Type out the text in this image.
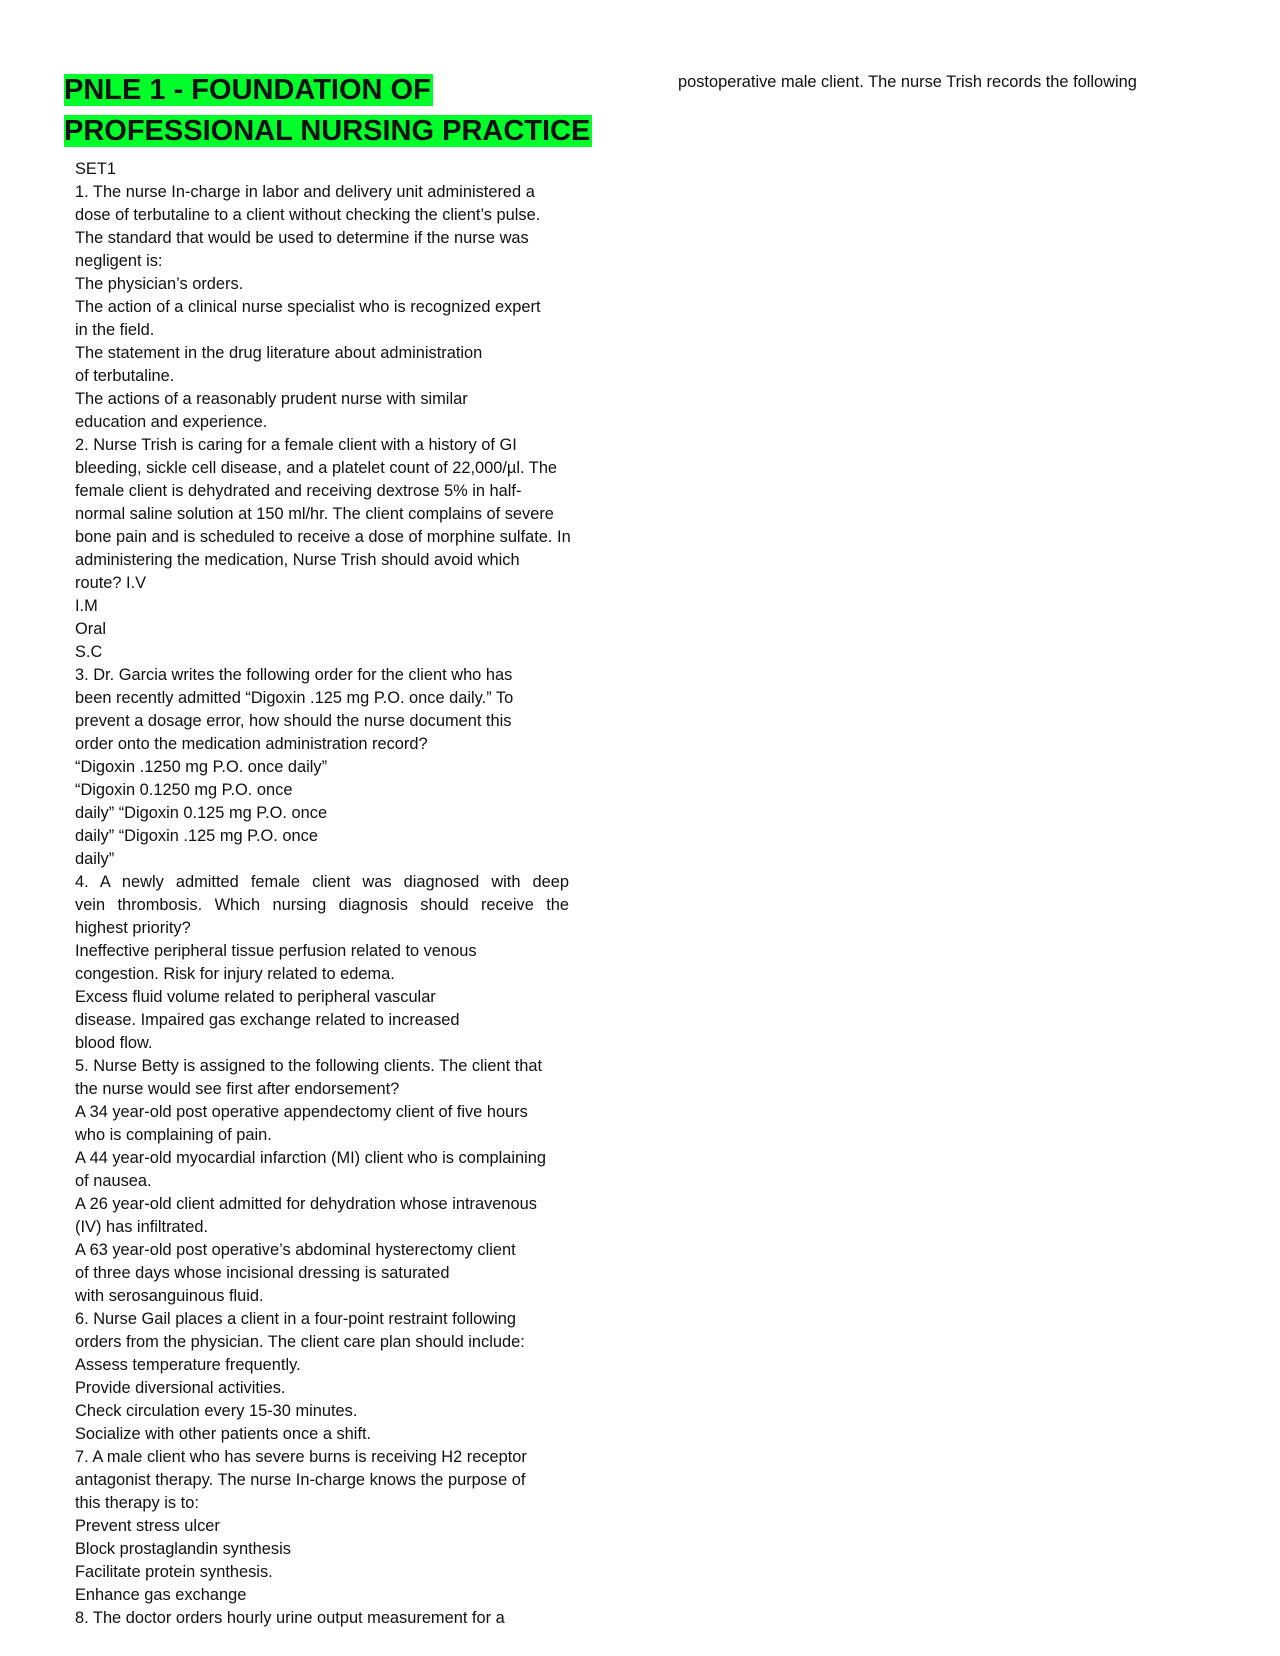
PNLE 1 - FOUNDATION OF
PROFESSIONAL NURSING PRACTICE
SET1
1. The nurse In-charge in labor and delivery unit administered a
dose of terbutaline to a client without checking the client’s pulse.
The standard that would be used to determine if the nurse was
negligent is:
The physician’s orders.
The action of a clinical nurse specialist who is recognized expert
in the field.
The statement in the drug literature about administration
of terbutaline.
The actions of a reasonably prudent nurse with similar
education and experience.
2. Nurse Trish is caring for a female client with a history of GI
bleeding, sickle cell disease, and a platelet count of 22,000/µl. The
female client is dehydrated and receiving dextrose 5% in half-
normal saline solution at 150 ml/hr. The client complains of severe
bone pain and is scheduled to receive a dose of morphine sulfate. In
administering the medication, Nurse Trish should avoid which
route? I.V
I.M
Oral
S.C
3. Dr. Garcia writes the following order for the client who has
been recently admitted “Digoxin .125 mg P.O. once daily.” To
prevent a dosage error, how should the nurse document this
order onto the medication administration record?
“Digoxin .1250 mg P.O. once daily”
“Digoxin 0.1250 mg P.O. once
daily” “Digoxin 0.125 mg P.O. once
daily” “Digoxin .125 mg P.O. once
daily”
4. A newly admitted female client was diagnosed with deep
vein thrombosis. Which nursing diagnosis should receive the
highest priority?
Ineffective peripheral tissue perfusion related to venous
congestion. Risk for injury related to edema.
Excess fluid volume related to peripheral vascular
disease. Impaired gas exchange related to increased
blood flow.
5. Nurse Betty is assigned to the following clients. The client that
the nurse would see first after endorsement?
A 34 year-old post operative appendectomy client of five hours
who is complaining of pain.
A 44 year-old myocardial infarction (MI) client who is complaining
of nausea.
A 26 year-old client admitted for dehydration whose intravenous
(IV) has infiltrated.
A 63 year-old post operative’s abdominal hysterectomy client
of three days whose incisional dressing is saturated
with serosanguinous fluid.
6. Nurse Gail places a client in a four-point restraint following
orders from the physician. The client care plan should include:
Assess temperature frequently.
Provide diversional activities.
Check circulation every 15-30 minutes.
Socialize with other patients once a shift.
7. A male client who has severe burns is receiving H2 receptor
antagonist therapy. The nurse In-charge knows the purpose of
this therapy is to:
Prevent stress ulcer
Block prostaglandin synthesis
Facilitate protein synthesis.
Enhance gas exchange
8. The doctor orders hourly urine output measurement for a
postoperative male client. The nurse Trish records the following
